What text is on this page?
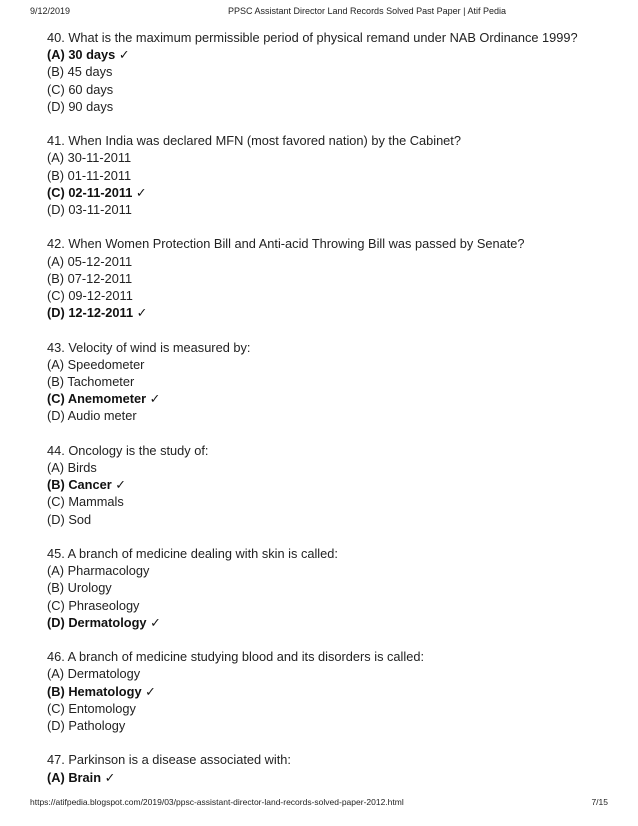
9/12/2019	PPSC Assistant Director Land Records Solved Past Paper | Atif Pedia
40. What is the maximum permissible period of physical remand under NAB Ordinance 1999?
(A) 30 days ✓
(B) 45 days
(C) 60 days
(D) 90 days
41. When India was declared MFN (most favored nation) by the Cabinet?
(A) 30-11-2011
(B) 01-11-2011
(C) 02-11-2011 ✓
(D) 03-11-2011
42. When Women Protection Bill and Anti-acid Throwing Bill was passed by Senate?
(A) 05-12-2011
(B) 07-12-2011
(C) 09-12-2011
(D) 12-12-2011 ✓
43. Velocity of wind is measured by:
(A) Speedometer
(B) Tachometer
(C) Anemometer ✓
(D) Audio meter
44. Oncology is the study of:
(A) Birds
(B) Cancer ✓
(C) Mammals
(D) Sod
45. A branch of medicine dealing with skin is called:
(A) Pharmacology
(B) Urology
(C) Phraseology
(D) Dermatology ✓
46. A branch of medicine studying blood and its disorders is called:
(A) Dermatology
(B) Hematology ✓
(C) Entomology
(D) Pathology
47. Parkinson is a disease associated with:
(A) Brain ✓
https://atifpedia.blogspot.com/2019/03/ppsc-assistant-director-land-records-solved-paper-2012.html	7/15
